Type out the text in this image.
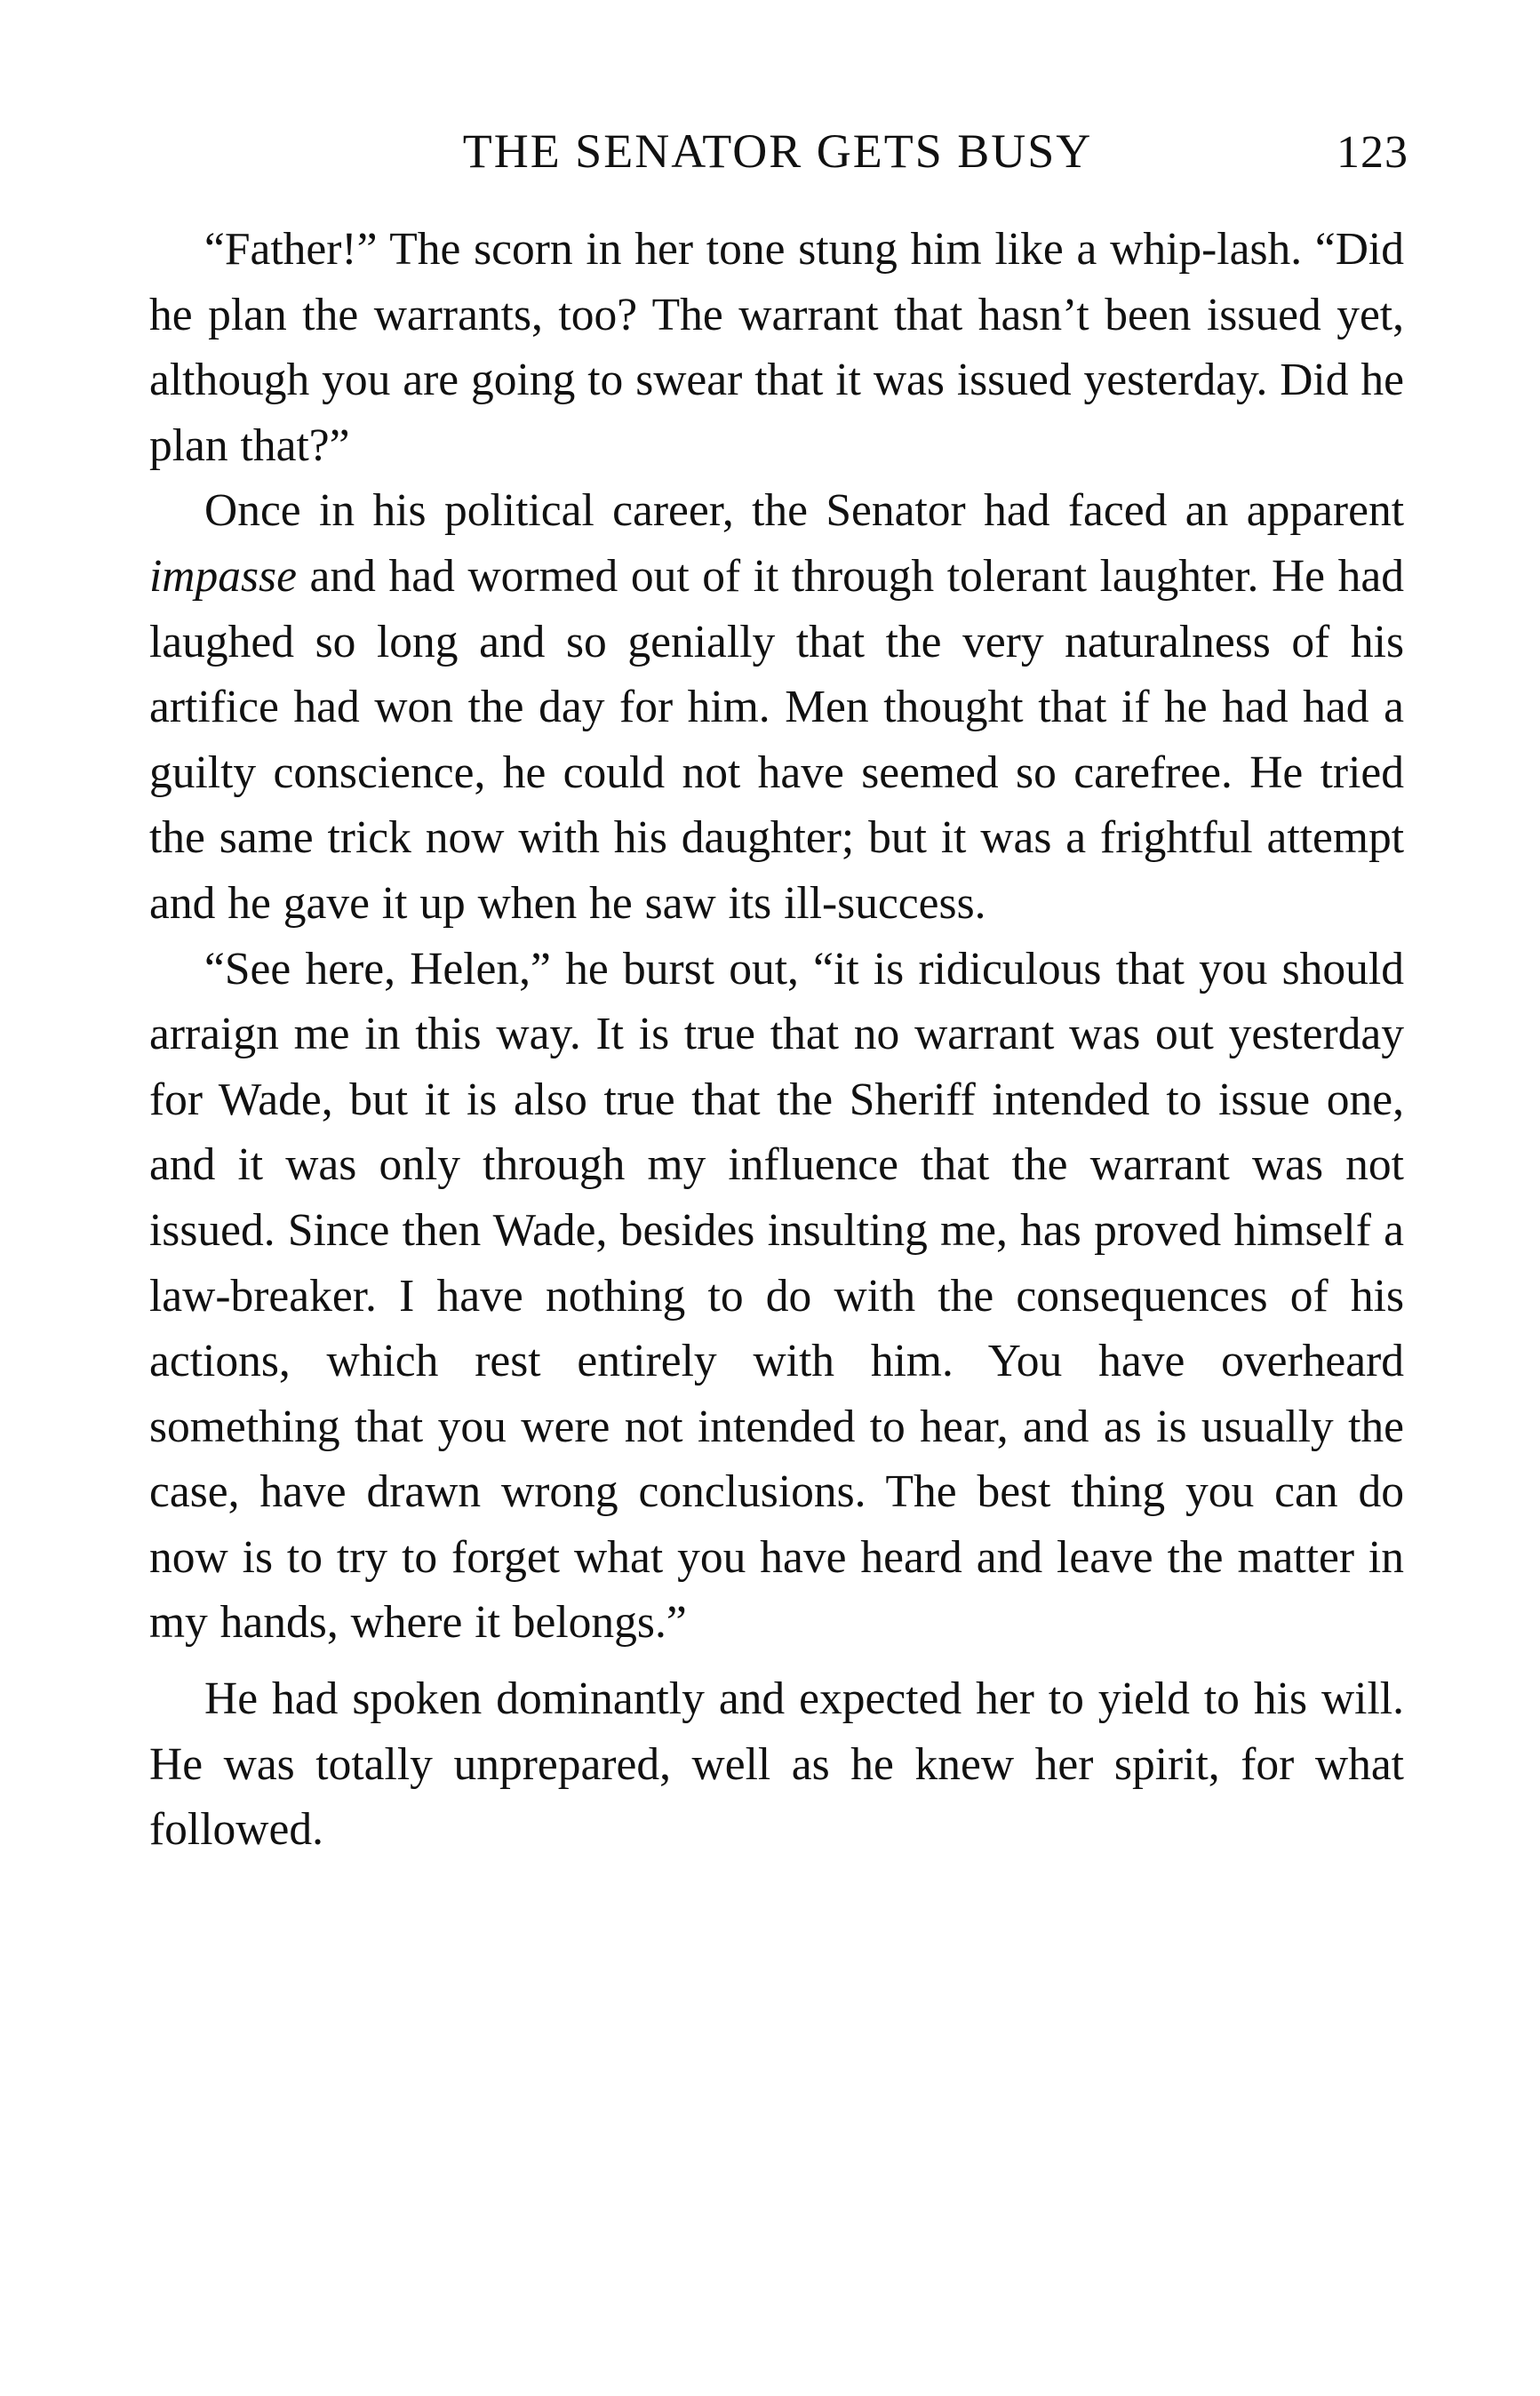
THE SENATOR GETS BUSY	123

“Father!” The scorn in her tone stung him like a whip-lash. “Did he plan the warrants, too? The warrant that hasn’t been issued yet, although you are going to swear that it was issued yesterday. Did he plan that?”

Once in his political career, the Senator had faced an apparent impasse and had wormed out of it through tolerant laughter. He had laughed so long and so genially that the very naturalness of his artifice had won the day for him. Men thought that if he had had a guilty conscience, he could not have seemed so carefree. He tried the same trick now with his daughter; but it was a frightful attempt and he gave it up when he saw its ill-success.

“See here, Helen,” he burst out, “it is ridiculous that you should arraign me in this way. It is true that no warrant was out yesterday for Wade, but it is also true that the Sheriff intended to issue one, and it was only through my influence that the warrant was not issued. Since then Wade, besides insulting me, has proved himself a law-breaker. I have nothing to do with the consequences of his actions, which rest entirely with him. You have overheard something that you were not intended to hear, and as is usually the case, have drawn wrong conclusions. The best thing you can do now is to try to forget what you have heard and leave the matter in my hands, where it belongs.”

He had spoken dominantly and expected her to yield to his will. He was totally unprepared, well as he knew her spirit, for what followed.
